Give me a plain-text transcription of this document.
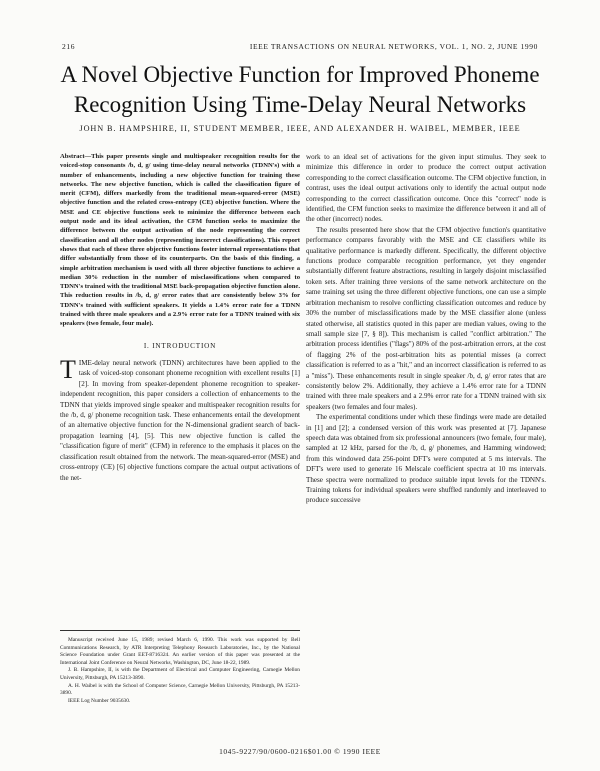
216	IEEE TRANSACTIONS ON NEURAL NETWORKS, VOL. 1, NO. 2, JUNE 1990
A Novel Objective Function for Improved Phoneme Recognition Using Time-Delay Neural Networks
JOHN B. HAMPSHIRE, II, STUDENT MEMBER, IEEE, AND ALEXANDER H. WAIBEL, MEMBER, IEEE

Abstract—This paper presents single and multispeaker recognition results for the voiced-stop consonants /b, d, g/ using time-delay neural networks (TDNN's) with a number of enhancements, including a new objective function for training these networks. The new objective function, which is called the classification figure of merit (CFM), differs markedly from the traditional mean-squared-error (MSE) objective function and the related cross-entropy (CE) objective function. Where the MSE and CE objective functions seek to minimize the difference between each output node and its ideal activation, the CFM function seeks to maximize the difference between the output activation of the node representing the correct classification and all other nodes (representing incorrect classifications). This report shows that each of these three objective functions foster internal representations that differ substantially from those of its counterparts. On the basis of this finding, a simple arbitration mechanism is used with all three objective functions to achieve a median 30% reduction in the number of misclassifications when compared to TDNN's trained with the traditional MSE back-propagation objective function alone. This reduction results in /b, d, g/ error rates that are consistently below 3% for TDNN's trained with sufficient speakers. It yields a 1.4% error rate for a TDNN trained with three male speakers and a 2.9% error rate for a TDNN trained with six speakers (two female, four male).

I. INTRODUCTION

TIME-delay neural network (TDNN) architectures have been applied to the task of voiced-stop consonant phoneme recognition with excellent results [1] [2]. In moving from speaker-dependent phoneme recognition to speaker-independent recognition, this paper considers a collection of enhancements to the TDNN that yields improved single speaker and multispeaker recognition results for the /b, d, g/ phoneme recognition task. These enhancements entail the development of an alternative objective function for the N-dimensional gradient search of back-propagation learning [4], [5]. This new objective function is called the "classification figure of merit" (CFM) in reference to the emphasis it places on the classification result obtained from the network. The mean-squared-error (MSE) and cross-entropy (CE) [6] objective functions compare the actual output activations of the net-

Manuscript received June 15, 1989; revised March 6, 1990. This work was supported by Bell Communications Research, by ATR Interpreting Telephony Research Laboratories, Inc., by the National Science Foundation under Grant EET-8716324. An earlier version of this paper was presented at the International Joint Conference on Neural Networks, Washington, DC, June 18-22, 1989.

J. B. Hampshire, II, is with the Department of Electrical and Computer Engineering, Carnegie Mellon University, Pittsburgh, PA 15213-3890.

A. H. Waibel is with the School of Computer Science, Carnegie Mellon University, Pittsburgh, PA 15213-3890.

IEEE Log Number 9035630.

work to an ideal set of activations for the given input stimulus. They seek to minimize this difference in order to produce the correct output activation corresponding to the correct classification outcome. The CFM objective function, in contrast, uses the ideal output activations only to identify the actual output node corresponding to the correct classification outcome. Once this "correct" node is identified, the CFM function seeks to maximize the difference between it and all of the other (incorrect) nodes.

The results presented here show that the CFM objective function's quantitative performance compares favorably with the MSE and CE classifiers while its qualitative performance is markedly different. Specifically, the different objective functions produce comparable recognition performance, yet they engender substantially different feature abstractions, resulting in largely disjoint misclassified token sets. After training three versions of the same network architecture on the same training set using the three different objective functions, one can use a simple arbitration mechanism to resolve conflicting classification outcomes and reduce by 30% the number of misclassifications made by the MSE classifier alone (unless stated otherwise, all statistics quoted in this paper are median values, owing to the small sample size [7, § 8]). This mechanism is called "conflict arbitration." The arbitration process identifies ("flags") 80% of the post-arbitration errors, at the cost of flagging 2% of the post-arbitration hits as potential misses (a correct classification is referred to as a "hit," and an incorrect classification is referred to as a "miss"). These enhancements result in single speaker /b, d, g/ error rates that are consistently below 2%. Additionally, they achieve a 1.4% error rate for a TDNN trained with three male speakers and a 2.9% error rate for a TDNN trained with six speakers (two females and four males).

The experimental conditions under which these findings were made are detailed in [1] and [2]; a condensed version of this work was presented at [7]. Japanese speech data was obtained from six professional announcers (two female, four male), sampled at 12 kHz, parsed for the /b, d, g/ phonemes, and Hamming windowed; from this windowed data 256-point DFT's were computed at 5 ms intervals. The DFT's were used to generate 16 Melscale coefficient spectra at 10 ms intervals. These spectra were normalized to produce suitable input levels for the TDNN's. Training tokens for individual speakers were shuffled randomly and interleaved to produce successive

1045-9227/90/0600-0216$01.00 © 1990 IEEE
